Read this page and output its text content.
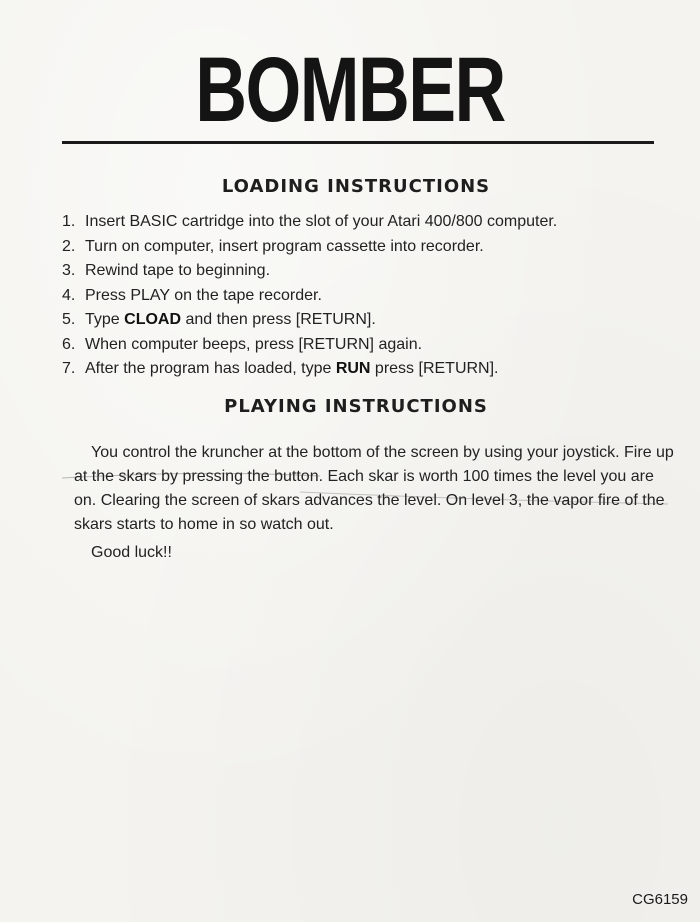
BOMBER
LOADING INSTRUCTIONS
1. Insert BASIC cartridge into the slot of your Atari 400/800 computer.
2. Turn on computer, insert program cassette into recorder.
3. Rewind tape to beginning.
4. Press PLAY on the tape recorder.
5. Type CLOAD and then press [RETURN].
6. When computer beeps, press [RETURN] again.
7. After the program has loaded, type RUN press [RETURN].
PLAYING INSTRUCTIONS

You control the kruncher at the bottom of the screen by using your joystick. Fire up at the skars by pressing the button. Each skar is worth 100 times the level you are on. Clearing the screen of skars advances the level. On level 3, the vapor fire of the skars starts to home in so watch out.

Good luck!!

CG6159
